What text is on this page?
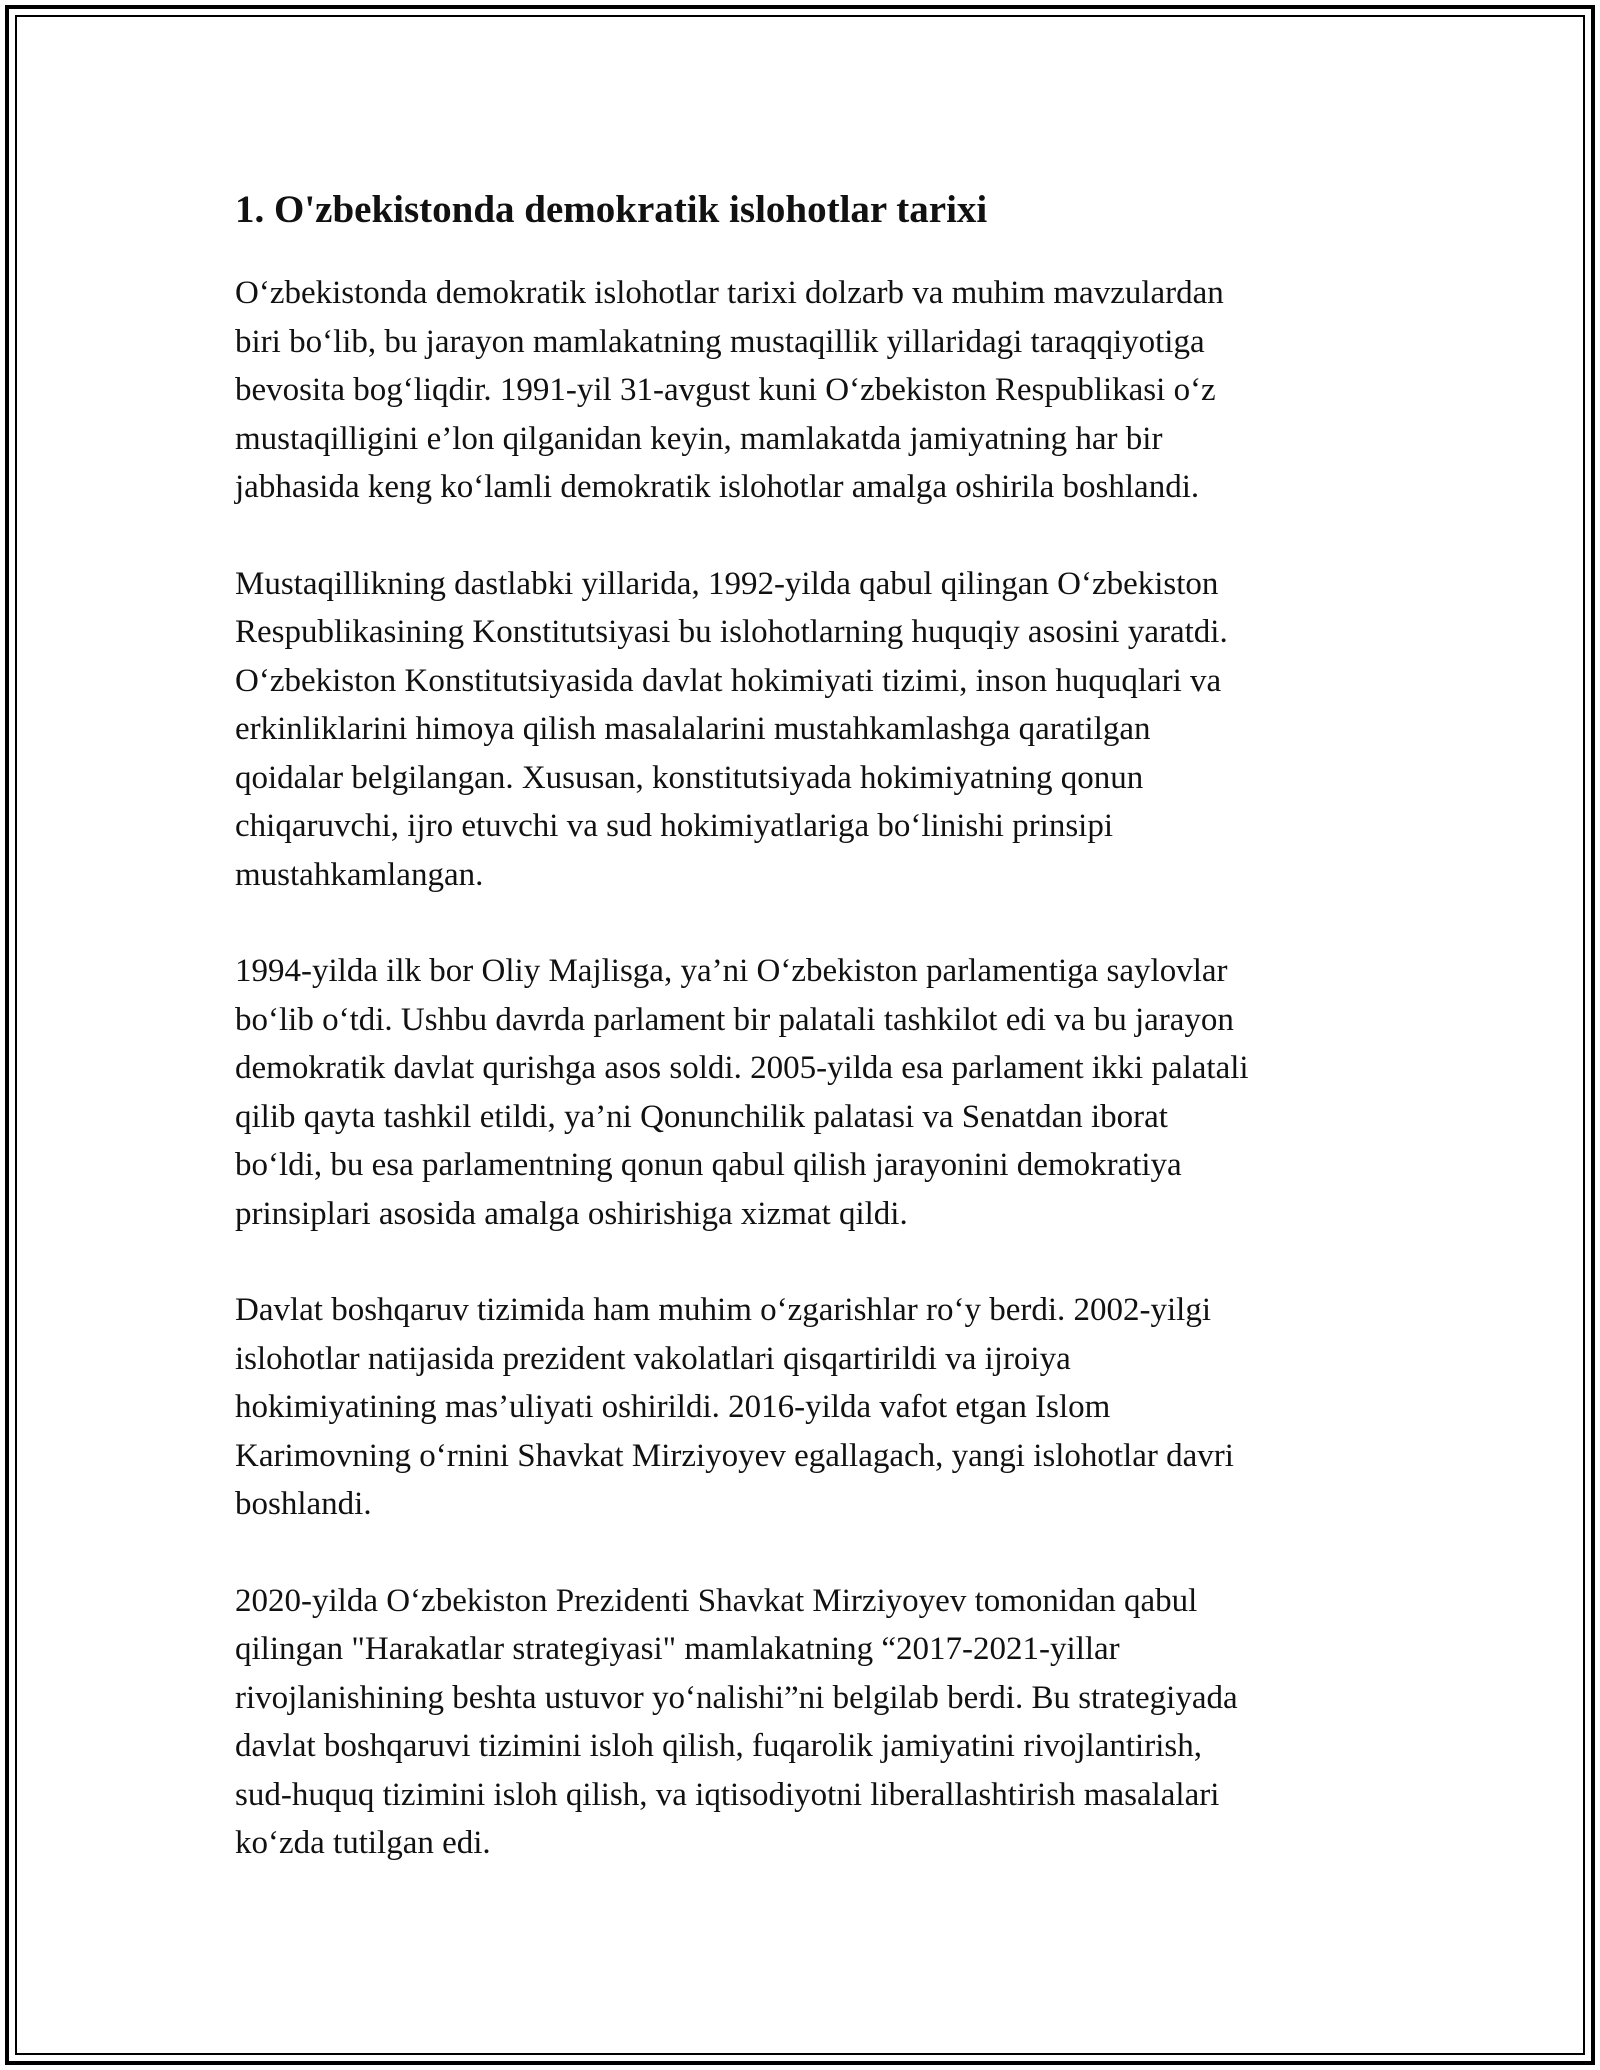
1. O'zbekistonda demokratik islohotlar tarixi

O‘zbekistonda demokratik islohotlar tarixi dolzarb va muhim mavzulardan
biri bo‘lib, bu jarayon mamlakatning mustaqillik yillaridagi taraqqiyotiga
bevosita bog‘liqdir. 1991-yil 31-avgust kuni O‘zbekiston Respublikasi o‘z
mustaqilligini e’lon qilganidan keyin, mamlakatda jamiyatning har bir
jabhasida keng ko‘lamli demokratik islohotlar amalga oshirila boshlandi.

Mustaqillikning dastlabki yillarida, 1992-yilda qabul qilingan O‘zbekiston
Respublikasining Konstitutsiyasi bu islohotlarning huquqiy asosini yaratdi.
O‘zbekiston Konstitutsiyasida davlat hokimiyati tizimi, inson huquqlari va
erkinliklarini himoya qilish masalalarini mustahkamlashga qaratilgan
qoidalar belgilangan. Xususan, konstitutsiyada hokimiyatning qonun
chiqaruvchi, ijro etuvchi va sud hokimiyatlariga bo‘linishi prinsipi
mustahkamlangan.

1994-yilda ilk bor Oliy Majlisga, ya’ni O‘zbekiston parlamentiga saylovlar
bo‘lib o‘tdi. Ushbu davrda parlament bir palatali tashkilot edi va bu jarayon
demokratik davlat qurishga asos soldi. 2005-yilda esa parlament ikki palatali
qilib qayta tashkil etildi, ya’ni Qonunchilik palatasi va Senatdan iborat
bo‘ldi, bu esa parlamentning qonun qabul qilish jarayonini demokratiya
prinsiplari asosida amalga oshirishiga xizmat qildi.

Davlat boshqaruv tizimida ham muhim o‘zgarishlar ro‘y berdi. 2002-yilgi
islohotlar natijasida prezident vakolatlari qisqartirildi va ijroiya
hokimiyatining mas’uliyati oshirildi. 2016-yilda vafot etgan Islom
Karimovning o‘rnini Shavkat Mirziyoyev egallagach, yangi islohotlar davri
boshlandi.

2020-yilda O‘zbekiston Prezidenti Shavkat Mirziyoyev tomonidan qabul
qilingan "Harakatlar strategiyasi" mamlakatning “2017-2021-yillar
rivojlanishining beshta ustuvor yo‘nalishi”ni belgilab berdi. Bu strategiyada
davlat boshqaruvi tizimini isloh qilish, fuqarolik jamiyatini rivojlantirish,
sud-huquq tizimini isloh qilish, va iqtisodiyotni liberallashtirish masalalari
ko‘zda tutilgan edi.
